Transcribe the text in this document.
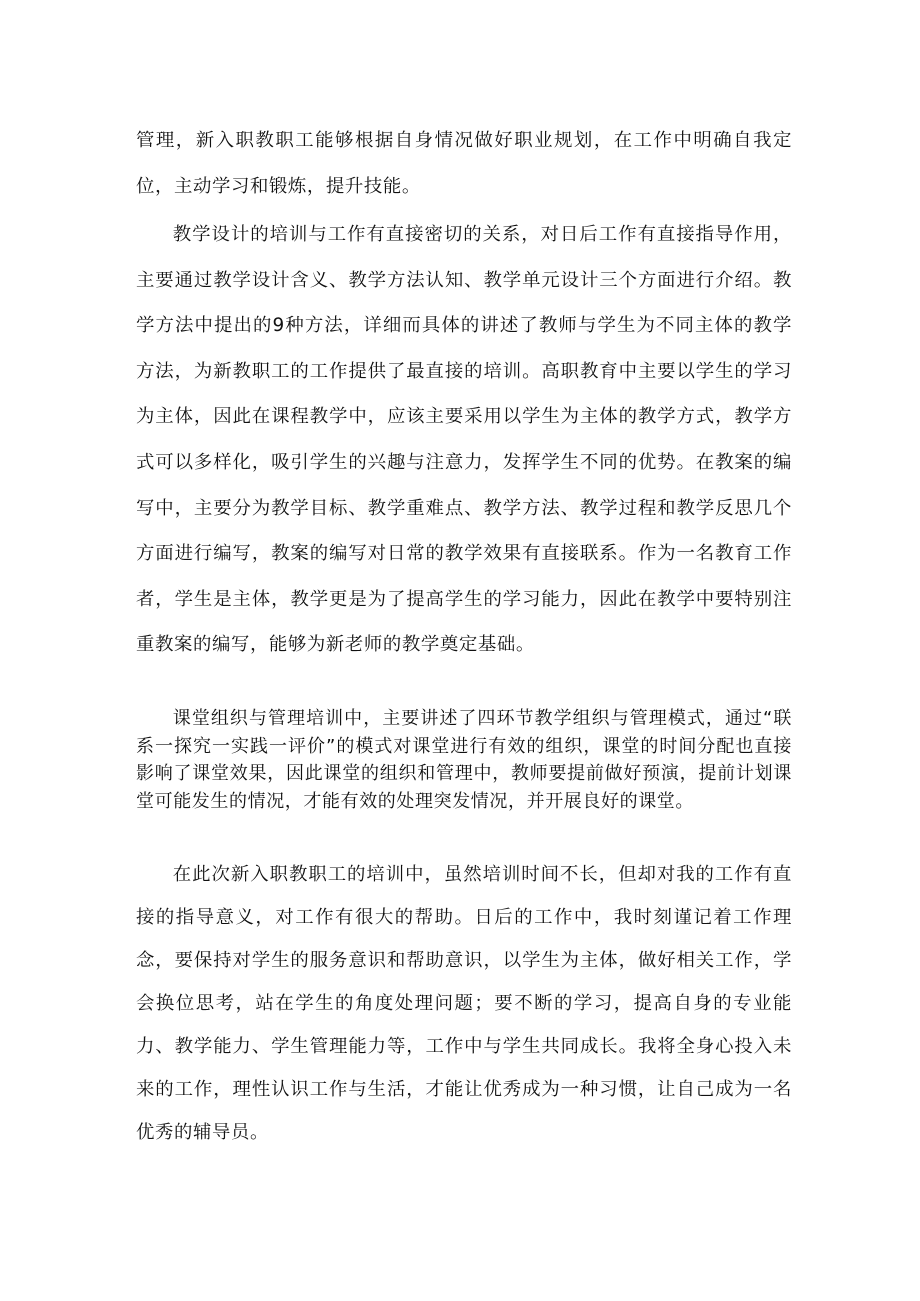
管理，新入职教职工能够根据自身情况做好职业规划，在工作中明确自我定位，主动学习和锻炼，提升技能。

教学设计的培训与工作有直接密切的关系，对日后工作有直接指导作用，主要通过教学设计含义、教学方法认知、教学单元设计三个方面进行介绍。教学方法中提出的9种方法，详细而具体的讲述了教师与学生为不同主体的教学方法，为新教职工的工作提供了最直接的培训。高职教育中主要以学生的学习为主体，因此在课程教学中，应该主要采用以学生为主体的教学方式，教学方式可以多样化，吸引学生的兴趣与注意力，发挥学生不同的优势。在教案的编写中，主要分为教学目标、教学重难点、教学方法、教学过程和教学反思几个方面进行编写，教案的编写对日常的教学效果有直接联系。作为一名教育工作者，学生是主体，教学更是为了提高学生的学习能力，因此在教学中要特别注重教案的编写，能够为新老师的教学奠定基础。

课堂组织与管理培训中，主要讲述了四环节教学组织与管理模式，通过“联系一探究一实践一评价”的模式对课堂进行有效的组织，课堂的时间分配也直接影响了课堂效果，因此课堂的组织和管理中，教师要提前做好预演，提前计划课堂可能发生的情况，才能有效的处理突发情况，并开展良好的课堂。

在此次新入职教职工的培训中，虽然培训时间不长，但却对我的工作有直接的指导意义，对工作有很大的帮助。日后的工作中，我时刻谨记着工作理念，要保持对学生的服务意识和帮助意识，以学生为主体，做好相关工作，学会换位思考，站在学生的角度处理问题；要不断的学习，提高自身的专业能力、教学能力、学生管理能力等，工作中与学生共同成长。我将全身心投入未来的工作，理性认识工作与生活，才能让优秀成为一种习惯，让自己成为一名优秀的辅导员。
